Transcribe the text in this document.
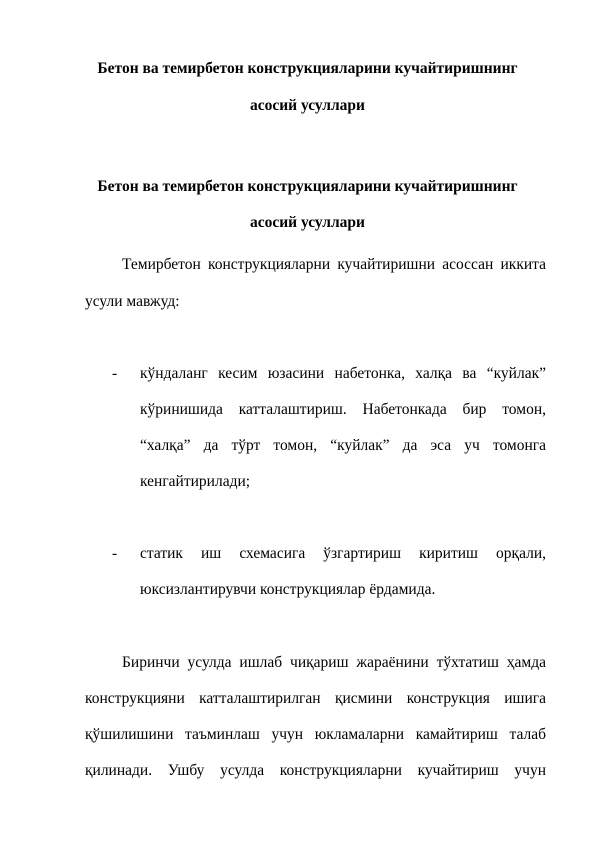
Бетон ва темирбетон конструкцияларини кучайтиришнинг
асосий усуллари
Бетон ва темирбетон конструкцияларини кучайтиришнинг
асосий усуллари
Темирбетон конструкцияларни кучайтиришни асоссан иккита
усули мавжуд:
- кўндаланг кесим юзасини набетонка, халқа ва “куйлак”
кўринишида катталаштириш. Набетонкада бир томон,
“халқа” да тўрт томон, “куйлак” да эса уч томонга
кенгайтирилади;
- статик иш схемасига ўзгартириш киритиш орқали,
юксизлантирувчи конструкциялар ёрдамида.
Биринчи усулда ишлаб чиқариш жараёнини тўхтатиш ҳамда
конструкцияни катталаштирилган қисмини конструкция ишига
қўшилишини таъминлаш учун юкламаларни камайтириш талаб
қилинади. Ушбу усулда конструкцияларни кучайтириш учун
